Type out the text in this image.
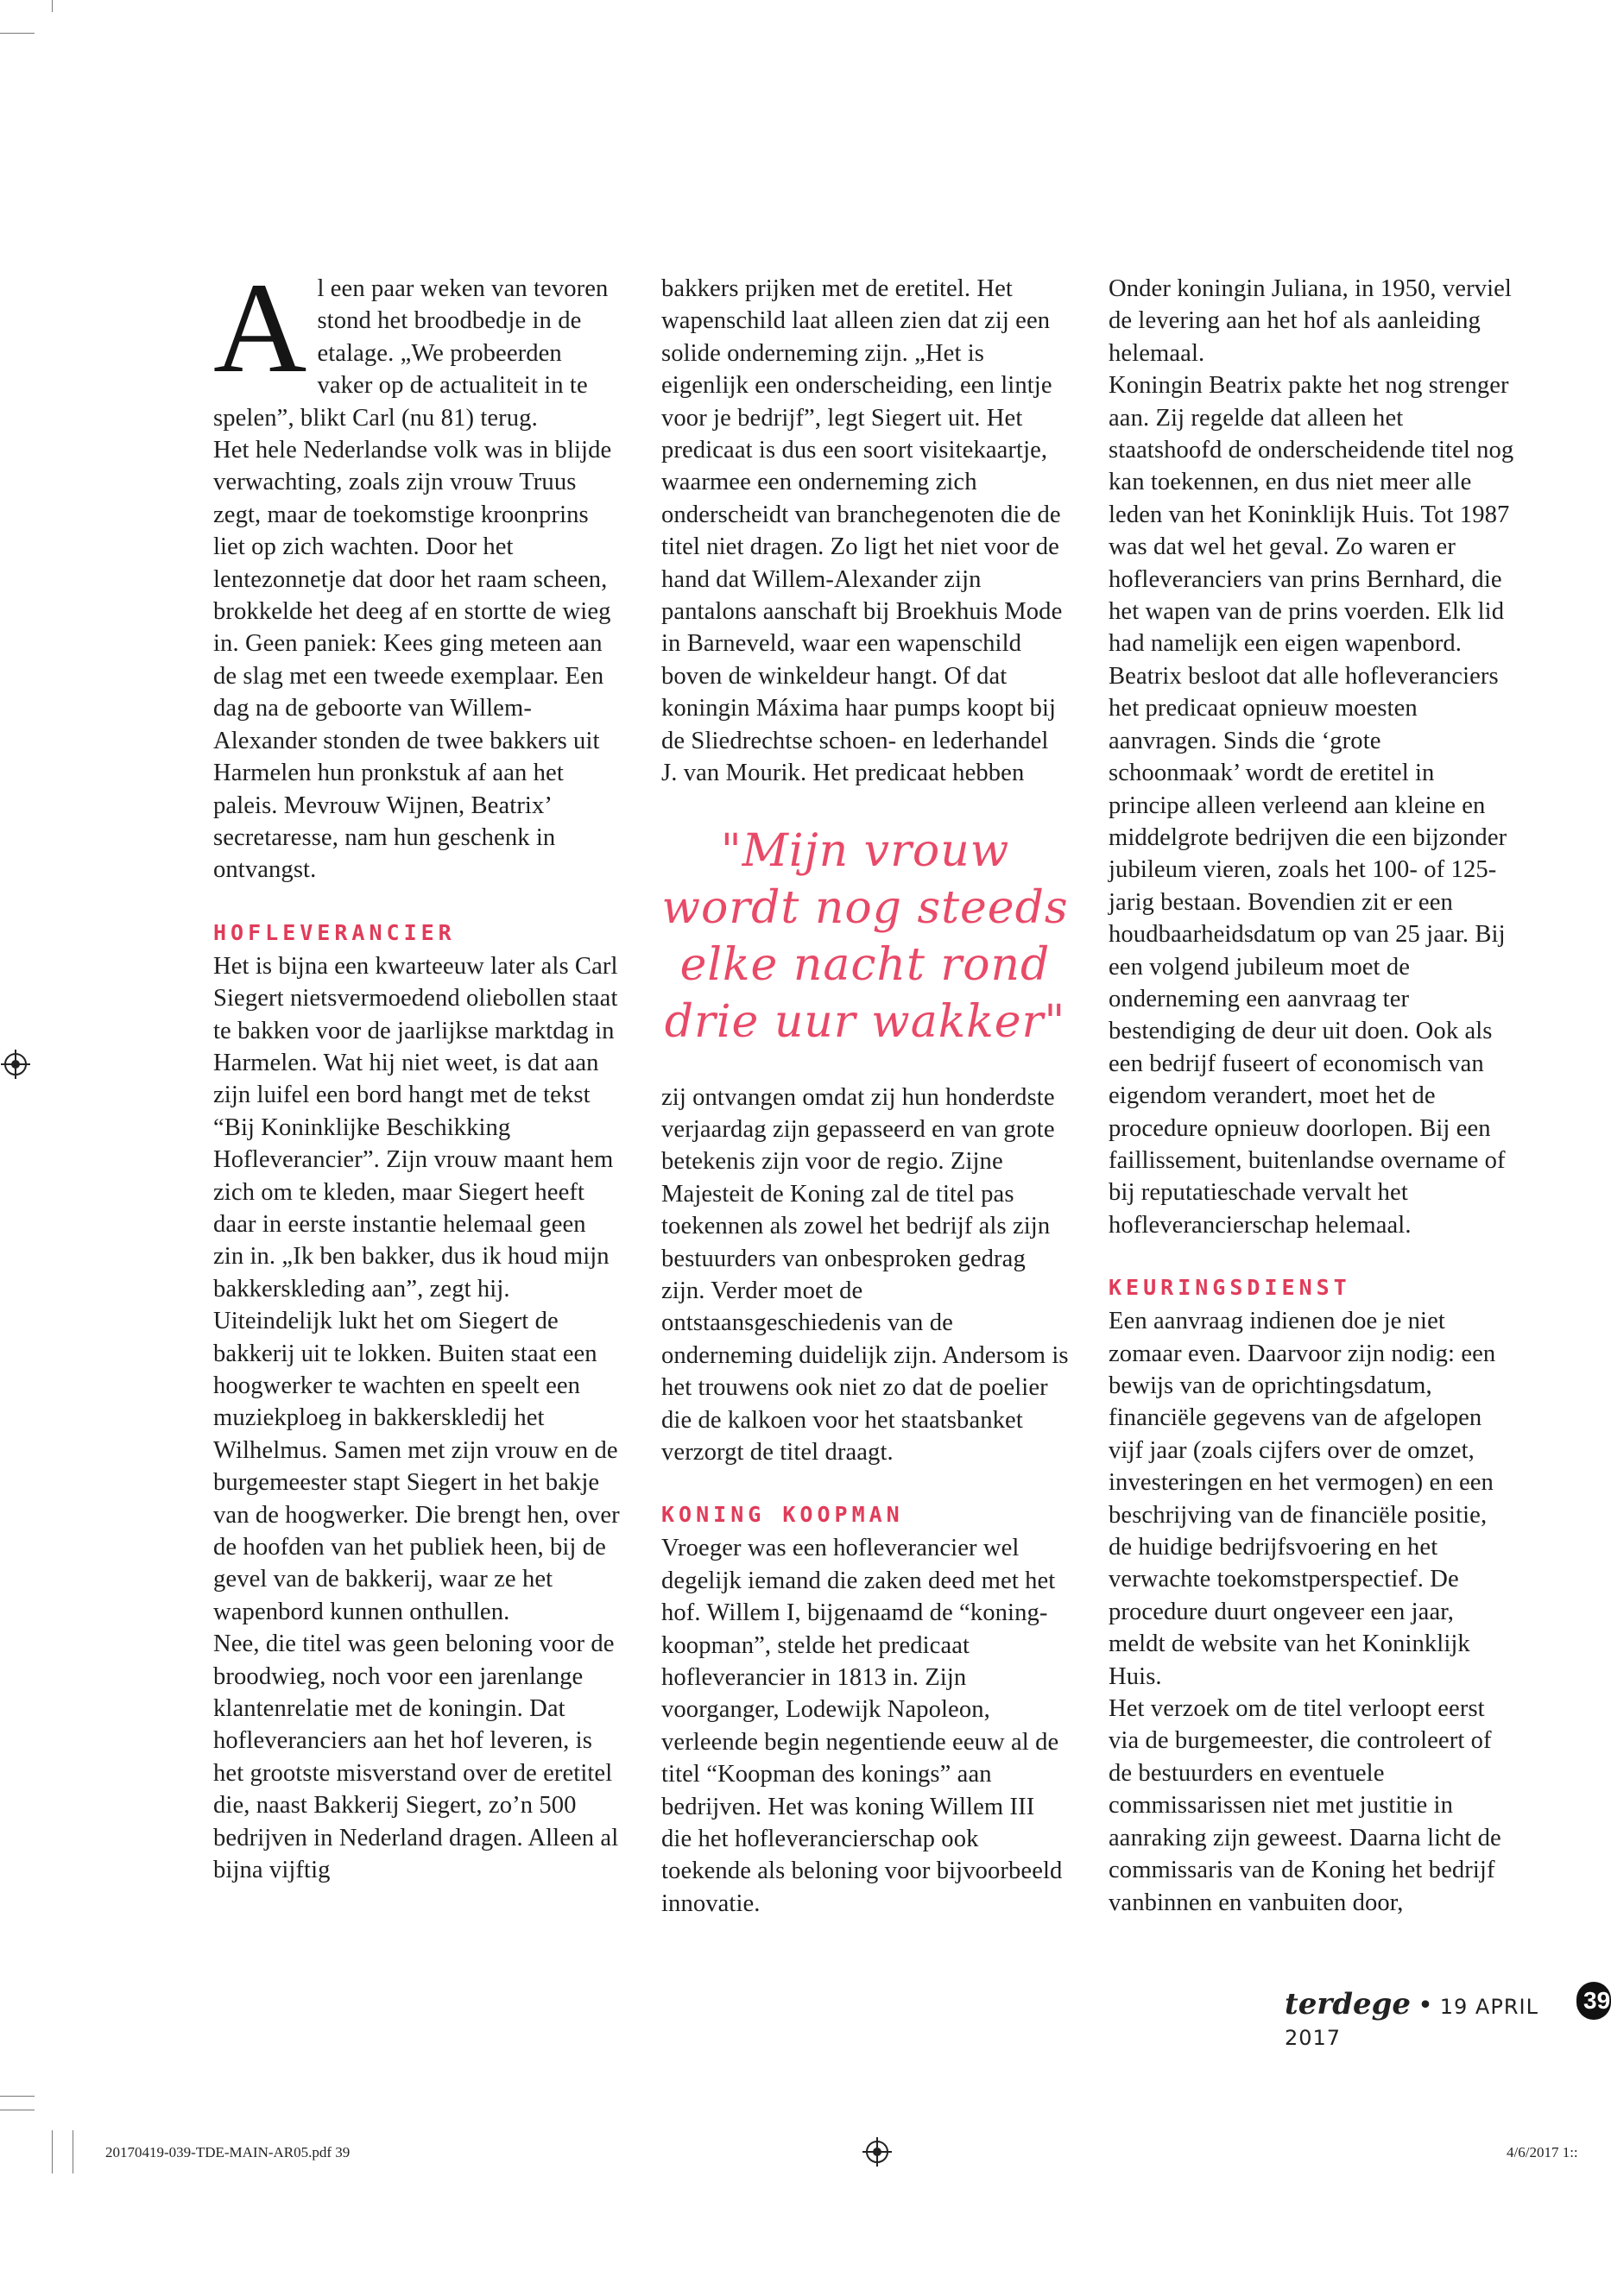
Al een paar weken van tevoren stond het broodbedje in de etalage. „We probeerden vaker op de actualiteit in te spelen”, blikt Carl (nu 81) terug.

Het hele Nederlandse volk was in blijde verwachting, zoals zijn vrouw Truus zegt, maar de toekomstige kroonprins liet op zich wachten. Door het lentezonnetje dat door het raam scheen, brokkelde het deeg af en stortte de wieg in. Geen paniek: Kees ging meteen aan de slag met een tweede exemplaar. Een dag na de geboorte van Willem-Alexander stonden de twee bakkers uit Harmelen hun pronkstuk af aan het paleis. Mevrouw Wijnen, Beatrix’ secretaresse, nam hun geschenk in ontvangst.

HOFLEVERANCIER

Het is bijna een kwarteeuw later als Carl Siegert nietsvermoedend oliebollen staat te bakken voor de jaarlijkse marktdag in Harmelen. Wat hij niet weet, is dat aan zijn luifel een bord hangt met de tekst “Bij Koninklijke Beschikking Hofleverancier”. Zijn vrouw maant hem zich om te kleden, maar Siegert heeft daar in eerste instantie helemaal geen zin in. „Ik ben bakker, dus ik houd mijn bakkerskleding aan”, zegt hij.

Uiteindelijk lukt het om Siegert de bakkerij uit te lokken. Buiten staat een hoogwerker te wachten en speelt een muziekploeg in bakkerskledij het Wilhelmus. Samen met zijn vrouw en de burgemeester stapt Siegert in het bakje van de hoogwerker. Die brengt hen, over de hoofden van het publiek heen, bij de gevel van de bakkerij, waar ze het wapenbord kunnen onthullen.

Nee, die titel was geen beloning voor de broodwieg, noch voor een jarenlange klantenrelatie met de koningin. Dat hofleveranciers aan het hof leveren, is het grootste misverstand over de eretitel die, naast Bakkerij Siegert, zo’n 500 bedrijven in Nederland dragen. Alleen al bijna vijftig

bakkers prijken met de eretitel. Het wapenschild laat alleen zien dat zij een solide onderneming zijn. „Het is eigenlijk een onderscheiding, een lintje voor je bedrijf”, legt Siegert uit. Het predicaat is dus een soort visitekaartje, waarmee een onderneming zich onderscheidt van branchegenoten die de titel niet dragen. Zo ligt het niet voor de hand dat Willem-Alexander zijn pantalons aanschaft bij Broekhuis Mode in Barneveld, waar een wapenschild boven de winkeldeur hangt. Of dat koningin Máxima haar pumps koopt bij de Sliedrechtse schoen- en lederhandel J. van Mourik. Het predicaat hebben

"Mijn vrouw wordt nog steeds elke nacht rond drie uur wakker"

zij ontvangen omdat zij hun honderdste verjaardag zijn gepasseerd en van grote betekenis zijn voor de regio. Zijne Majesteit de Koning zal de titel pas toekennen als zowel het bedrijf als zijn bestuurders van onbesproken gedrag zijn. Verder moet de ontstaansgeschiedenis van de onderneming duidelijk zijn. Andersom is het trouwens ook niet zo dat de poelier die de kalkoen voor het staatsbanket verzorgt de titel draagt.

KONING KOOPMAN

Vroeger was een hofleverancier wel degelijk iemand die zaken deed met het hof. Willem I, bijgenaamd de “koning-koopman”, stelde het predicaat hofleverancier in 1813 in. Zijn voorganger, Lodewijk Napoleon, verleende begin negentiende eeuw al de titel “Koopman des konings” aan bedrijven. Het was koning Willem III die het hofleverancierschap ook toekende als beloning voor bijvoorbeeld innovatie.

Onder koningin Juliana, in 1950, verviel de levering aan het hof als aanleiding helemaal.

Koningin Beatrix pakte het nog strenger aan. Zij regelde dat alleen het staatshoofd de onderscheidende titel nog kan toekennen, en dus niet meer alle leden van het Koninklijk Huis. Tot 1987 was dat wel het geval. Zo waren er hofleveranciers van prins Bernhard, die het wapen van de prins voerden. Elk lid had namelijk een eigen wapenbord.

Beatrix besloot dat alle hofleveranciers het predicaat opnieuw moesten aanvragen. Sinds die ‘grote schoonmaak’ wordt de eretitel in principe alleen verleend aan kleine en middelgrote bedrijven die een bijzonder jubileum vieren, zoals het 100- of 125-jarig bestaan. Bovendien zit er een houdbaarheidsdatum op van 25 jaar. Bij een volgend jubileum moet de onderneming een aanvraag ter bestendiging de deur uit doen. Ook als een bedrijf fuseert of economisch van eigendom verandert, moet het de procedure opnieuw doorlopen. Bij een faillissement, buitenlandse overname of bij reputatieschade vervalt het hofleverancierschap helemaal.

KEURINGSDIENST

Een aanvraag indienen doe je niet zomaar even. Daarvoor zijn nodig: een bewijs van de oprichtingsdatum, financiële gegevens van de afgelopen vijf jaar (zoals cijfers over de omzet, investeringen en het vermogen) en een beschrijving van de financiële positie, de huidige bedrijfsvoering en het verwachte toekomstperspectief. De procedure duurt ongeveer een jaar, meldt de website van het Koninklijk Huis.

Het verzoek om de titel verloopt eerst via de burgemeester, die controleert of de bestuurders en eventuele commissarissen niet met justitie in aanraking zijn geweest. Daarna licht de commissaris van de Koning het bedrijf vanbinnen en vanbuiten door,

terdege • 19 APRIL 2017
39
20170419-039-TDE-MAIN-AR05.pdf 39	4/6/2017 1::
